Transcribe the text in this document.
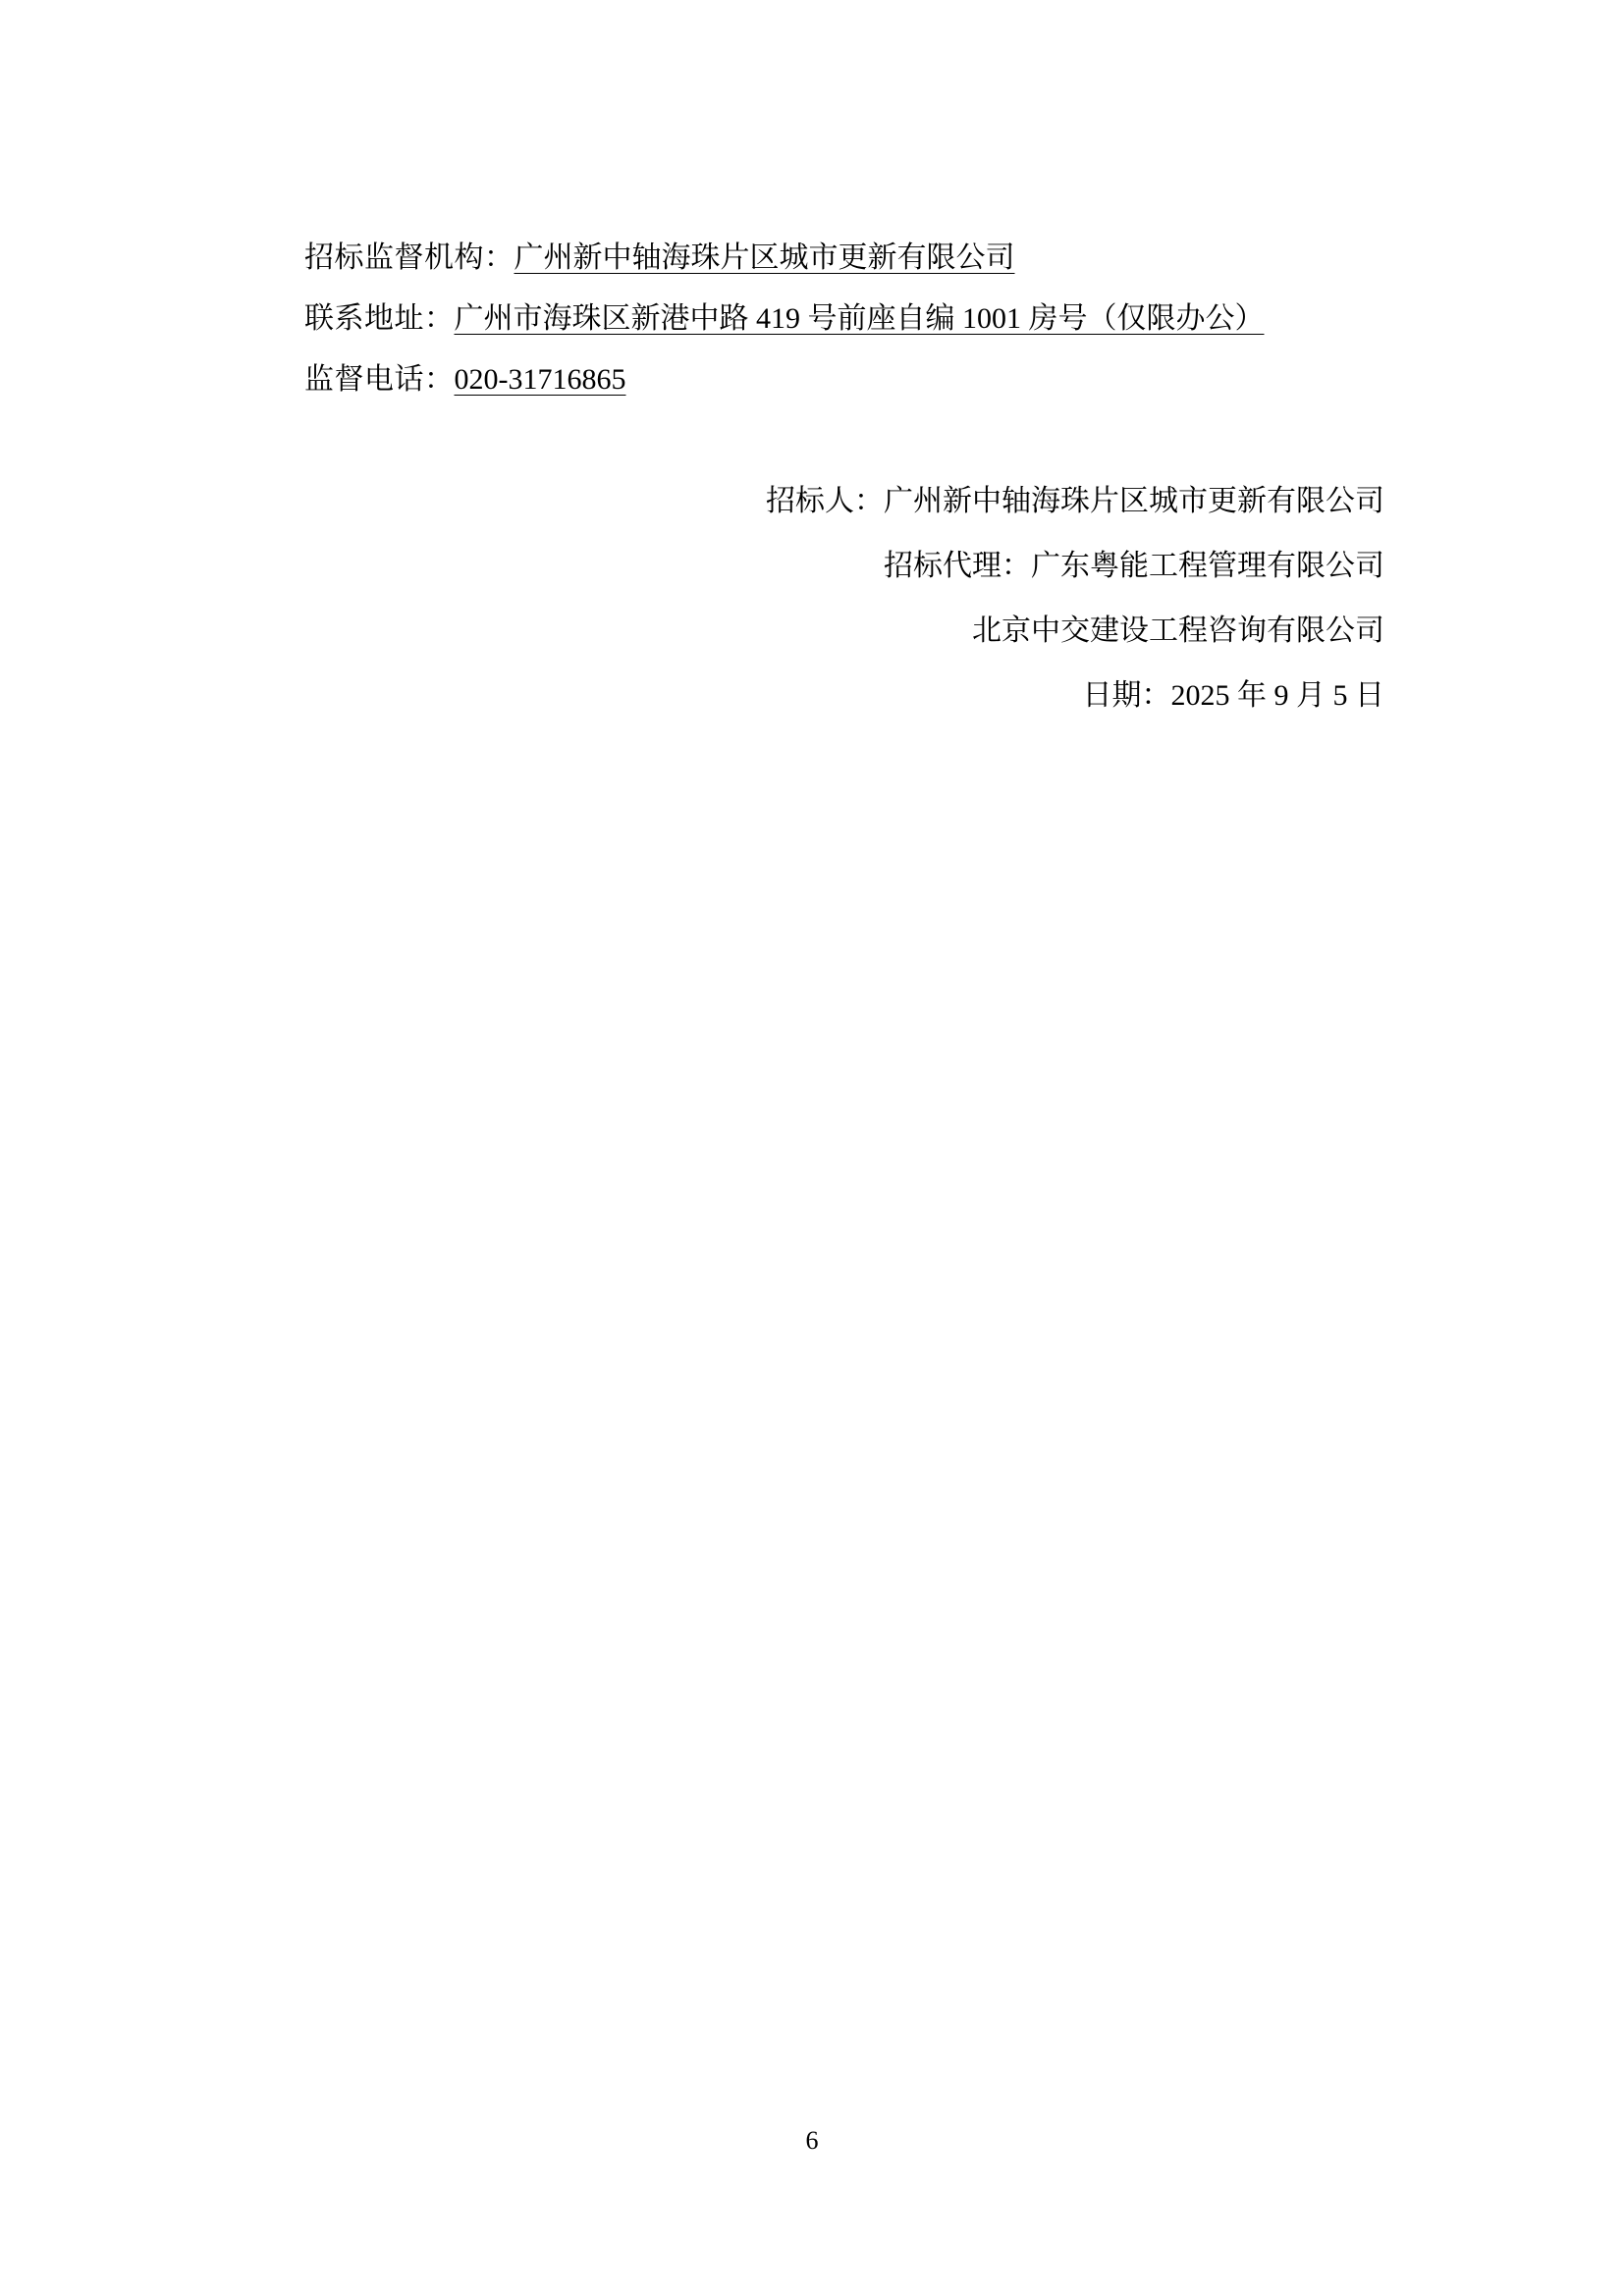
招标监督机构：广州新中轴海珠片区城市更新有限公司
联系地址：广州市海珠区新港中路 419 号前座自编 1001 房号（仅限办公）
监督电话：020-31716865
招标人：广州新中轴海珠片区城市更新有限公司
招标代理：广东粤能工程管理有限公司
北京中交建设工程咨询有限公司
日期：2025 年 9 月 5 日
6
